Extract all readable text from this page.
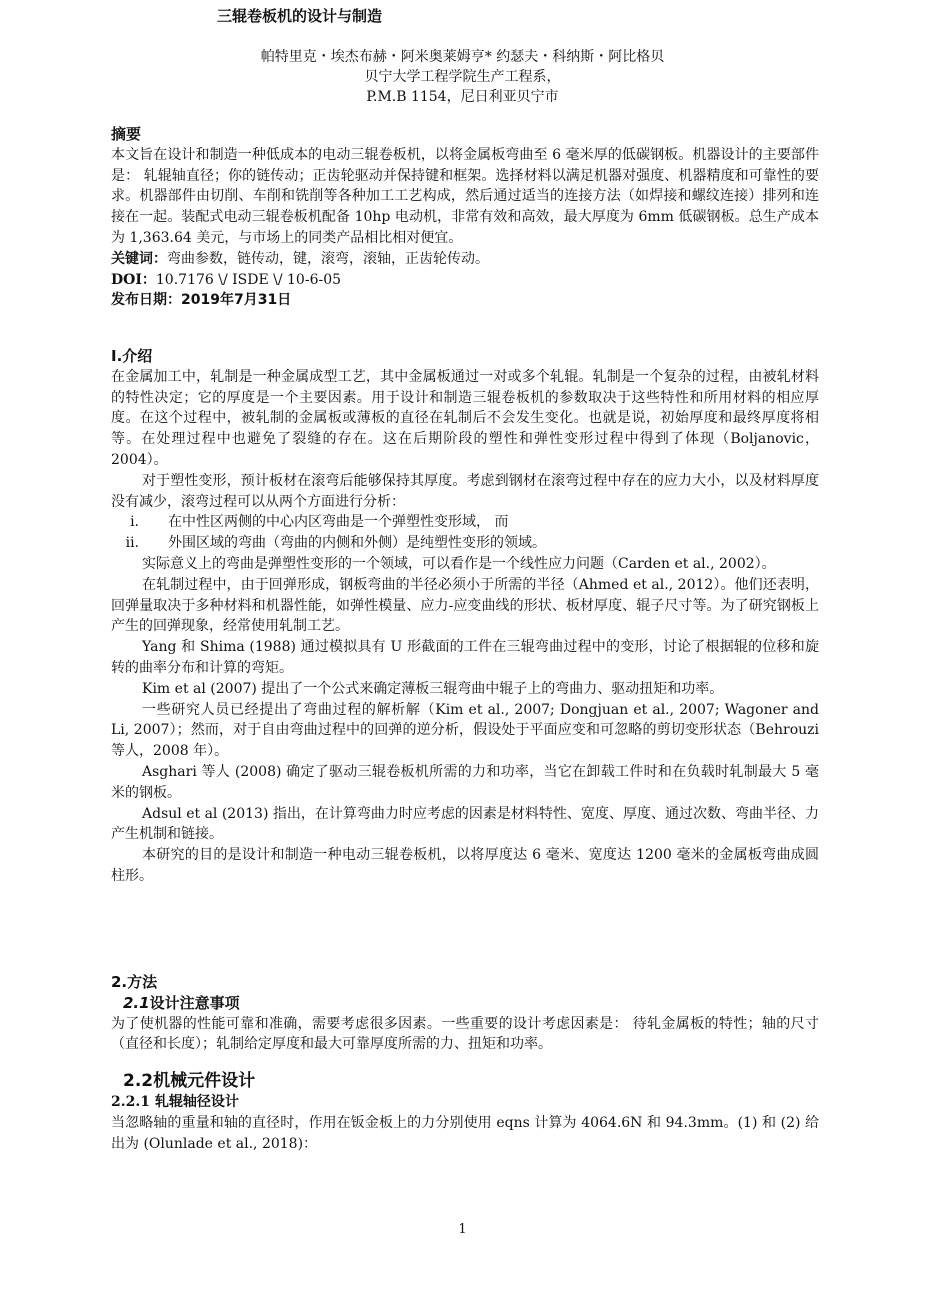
三辊卷板机的设计与制造
帕特里克・埃杰布赫・阿米奥莱姆亨* 约瑟夫・科纳斯・阿比格贝
贝宁大学工程学院生产工程系，
P.M.B 1154，尼日利亚贝宁市
摘要

本文旨在设计和制造一种低成本的电动三辊卷板机，以将金属板弯曲至 6 毫米厚的低碳钢板。机器设计的主要部件是： 轧辊轴直径；你的链传动；正齿轮驱动并保持键和框架。选择材料以满足机器对强度、机器精度和可靠性的要求。机器部件由切削、车削和铣削等各种加工工艺构成，然后通过适当的连接方法（如焊接和螺纹连接）排列和连接在一起。装配式电动三辊卷板机配备 10hp 电动机，非常有效和高效，最大厚度为 6mm 低碳钢板。总生产成本为 1,363.64 美元，与市场上的同类产品相比相对便宜。

关键词：弯曲参数，链传动，键，滚弯，滚轴，正齿轮传动。
DOI：10.7176 \/ ISDE \/ 10-6-05
发布日期：2019年7月31日
I.介绍

在金属加工中，轧制是一种金属成型工艺，其中金属板通过一对或多个轧辊。轧制是一个复杂的过程，由被轧材料的特性决定；它的厚度是一个主要因素。用于设计和制造三辊卷板机的参数取决于这些特性和所用材料的相应厚度。在这个过程中，被轧制的金属板或薄板的直径在轧制后不会发生变化。也就是说，初始厚度和最终厚度将相等。在处理过程中也避免了裂缝的存在。这在后期阶段的塑性和弹性变形过程中得到了体现（Boljanovic，2004）。

对于塑性变形，预计板材在滚弯后能够保持其厚度。考虑到钢材在滚弯过程中存在的应力大小，以及材料厚度没有减少，滚弯过程可以从两个方面进行分析：

i. 在中性区两侧的中心内区弯曲是一个弹塑性变形域， 而
ii. 外围区域的弯曲（弯曲的内侧和外侧）是纯塑性变形的领域。

实际意义上的弯曲是弹塑性变形的一个领域，可以看作是一个线性应力问题（Carden et al., 2002）。

在轧制过程中，由于回弹形成，钢板弯曲的半径必须小于所需的半径（Ahmed et al., 2012）。他们还表明，回弹量取决于多种材料和机器性能，如弹性模量、应力-应变曲线的形状、板材厚度、辊子尺寸等。为了研究钢板上产生的回弹现象，经常使用轧制工艺。

Yang 和 Shima (1988) 通过模拟具有 U 形截面的工件在三辊弯曲过程中的变形，讨论了根据辊的位移和旋转的曲率分布和计算的弯矩。

Kim et al (2007) 提出了一个公式来确定薄板三辊弯曲中辊子上的弯曲力、驱动扭矩和功率。

一些研究人员已经提出了弯曲过程的解析解（Kim et al., 2007; Dongjuan et al., 2007; Wagoner and Li, 2007）；然而，对于自由弯曲过程中的回弹的逆分析，假设处于平面应变和可忽略的剪切变形状态（Behrouzi 等人，2008 年）。

Asghari 等人 (2008) 确定了驱动三辊卷板机所需的力和功率，当它在卸载工件时和在负载时轧制最大 5 毫米的钢板。

Adsul et al (2013) 指出，在计算弯曲力时应考虑的因素是材料特性、宽度、厚度、通过次数、弯曲半径、力产生机制和链接。

本研究的目的是设计和制造一种电动三辊卷板机，以将厚度达 6 毫米、宽度达 1200 毫米的金属板弯曲成圆柱形。

2.方法
2.1设计注意事项

为了使机器的性能可靠和准确，需要考虑很多因素。一些重要的设计考虑因素是： 待轧金属板的特性；轴的尺寸（直径和长度）；轧制给定厚度和最大可靠厚度所需的力、扭矩和功率。

2.2机械元件设计
2.2.1 轧辊轴径设计

当忽略轴的重量和轴的直径时，作用在钣金板上的力分别使用 eqns 计算为 4064.6N 和 94.3mm。(1) 和 (2) 给出为 (Olunlade et al., 2018)：

1
